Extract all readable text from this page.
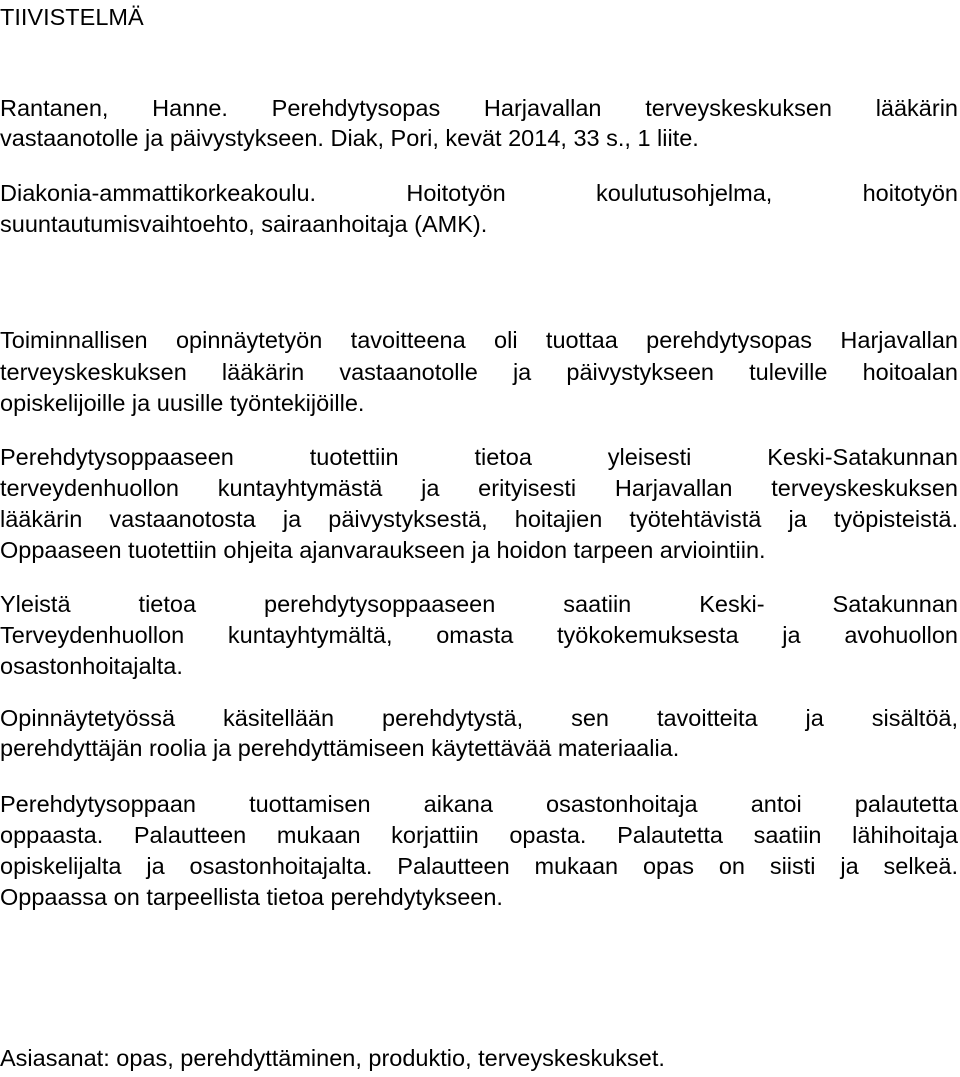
TIIVISTELMÄ

Rantanen, Hanne. Perehdytysopas Harjavallan terveyskeskuksen lääkärin

vastaanotolle ja päivystykseen. Diak, Pori, kevät 2014, 33 s., 1 liite.

Diakonia-ammattikorkeakoulu. Hoitotyön koulutusohjelma, hoitotyön

suuntautumisvaihtoehto, sairaanhoitaja (AMK).

Toiminnallisen opinnäytetyön tavoitteena oli tuottaa perehdytysopas Harjavallan

terveyskeskuksen lääkärin vastaanotolle ja päivystykseen tuleville hoitoalan

opiskelijoille ja uusille työntekijöille.

Perehdytysoppaaseen tuotettiin tietoa yleisesti Keski-Satakunnan

terveydenhuollon kuntayhtymästä ja erityisesti Harjavallan terveyskeskuksen

lääkärin vastaanotosta ja päivystyksestä, hoitajien työtehtävistä ja työpisteistä.

Oppaaseen tuotettiin ohjeita ajanvaraukseen ja hoidon tarpeen arviointiin.

Yleistä tietoa perehdytysoppaaseen saatiin Keski- Satakunnan

Terveydenhuollon kuntayhtymältä, omasta työkokemuksesta ja avohuollon

osastonhoitajalta.

Opinnäytetyössä käsitellään perehdytystä, sen tavoitteita ja sisältöä,

perehdyttäjän roolia ja perehdyttämiseen käytettävää materiaalia.

Perehdytysoppaan tuottamisen aikana osastonhoitaja antoi palautetta

oppaasta. Palautteen mukaan korjattiin opasta. Palautetta saatiin lähihoitaja

opiskelijalta ja osastonhoitajalta. Palautteen mukaan opas on siisti ja selkeä.

Oppaassa on tarpeellista tietoa perehdytykseen.

Asiasanat: opas, perehdyttäminen, produktio, terveyskeskukset.
